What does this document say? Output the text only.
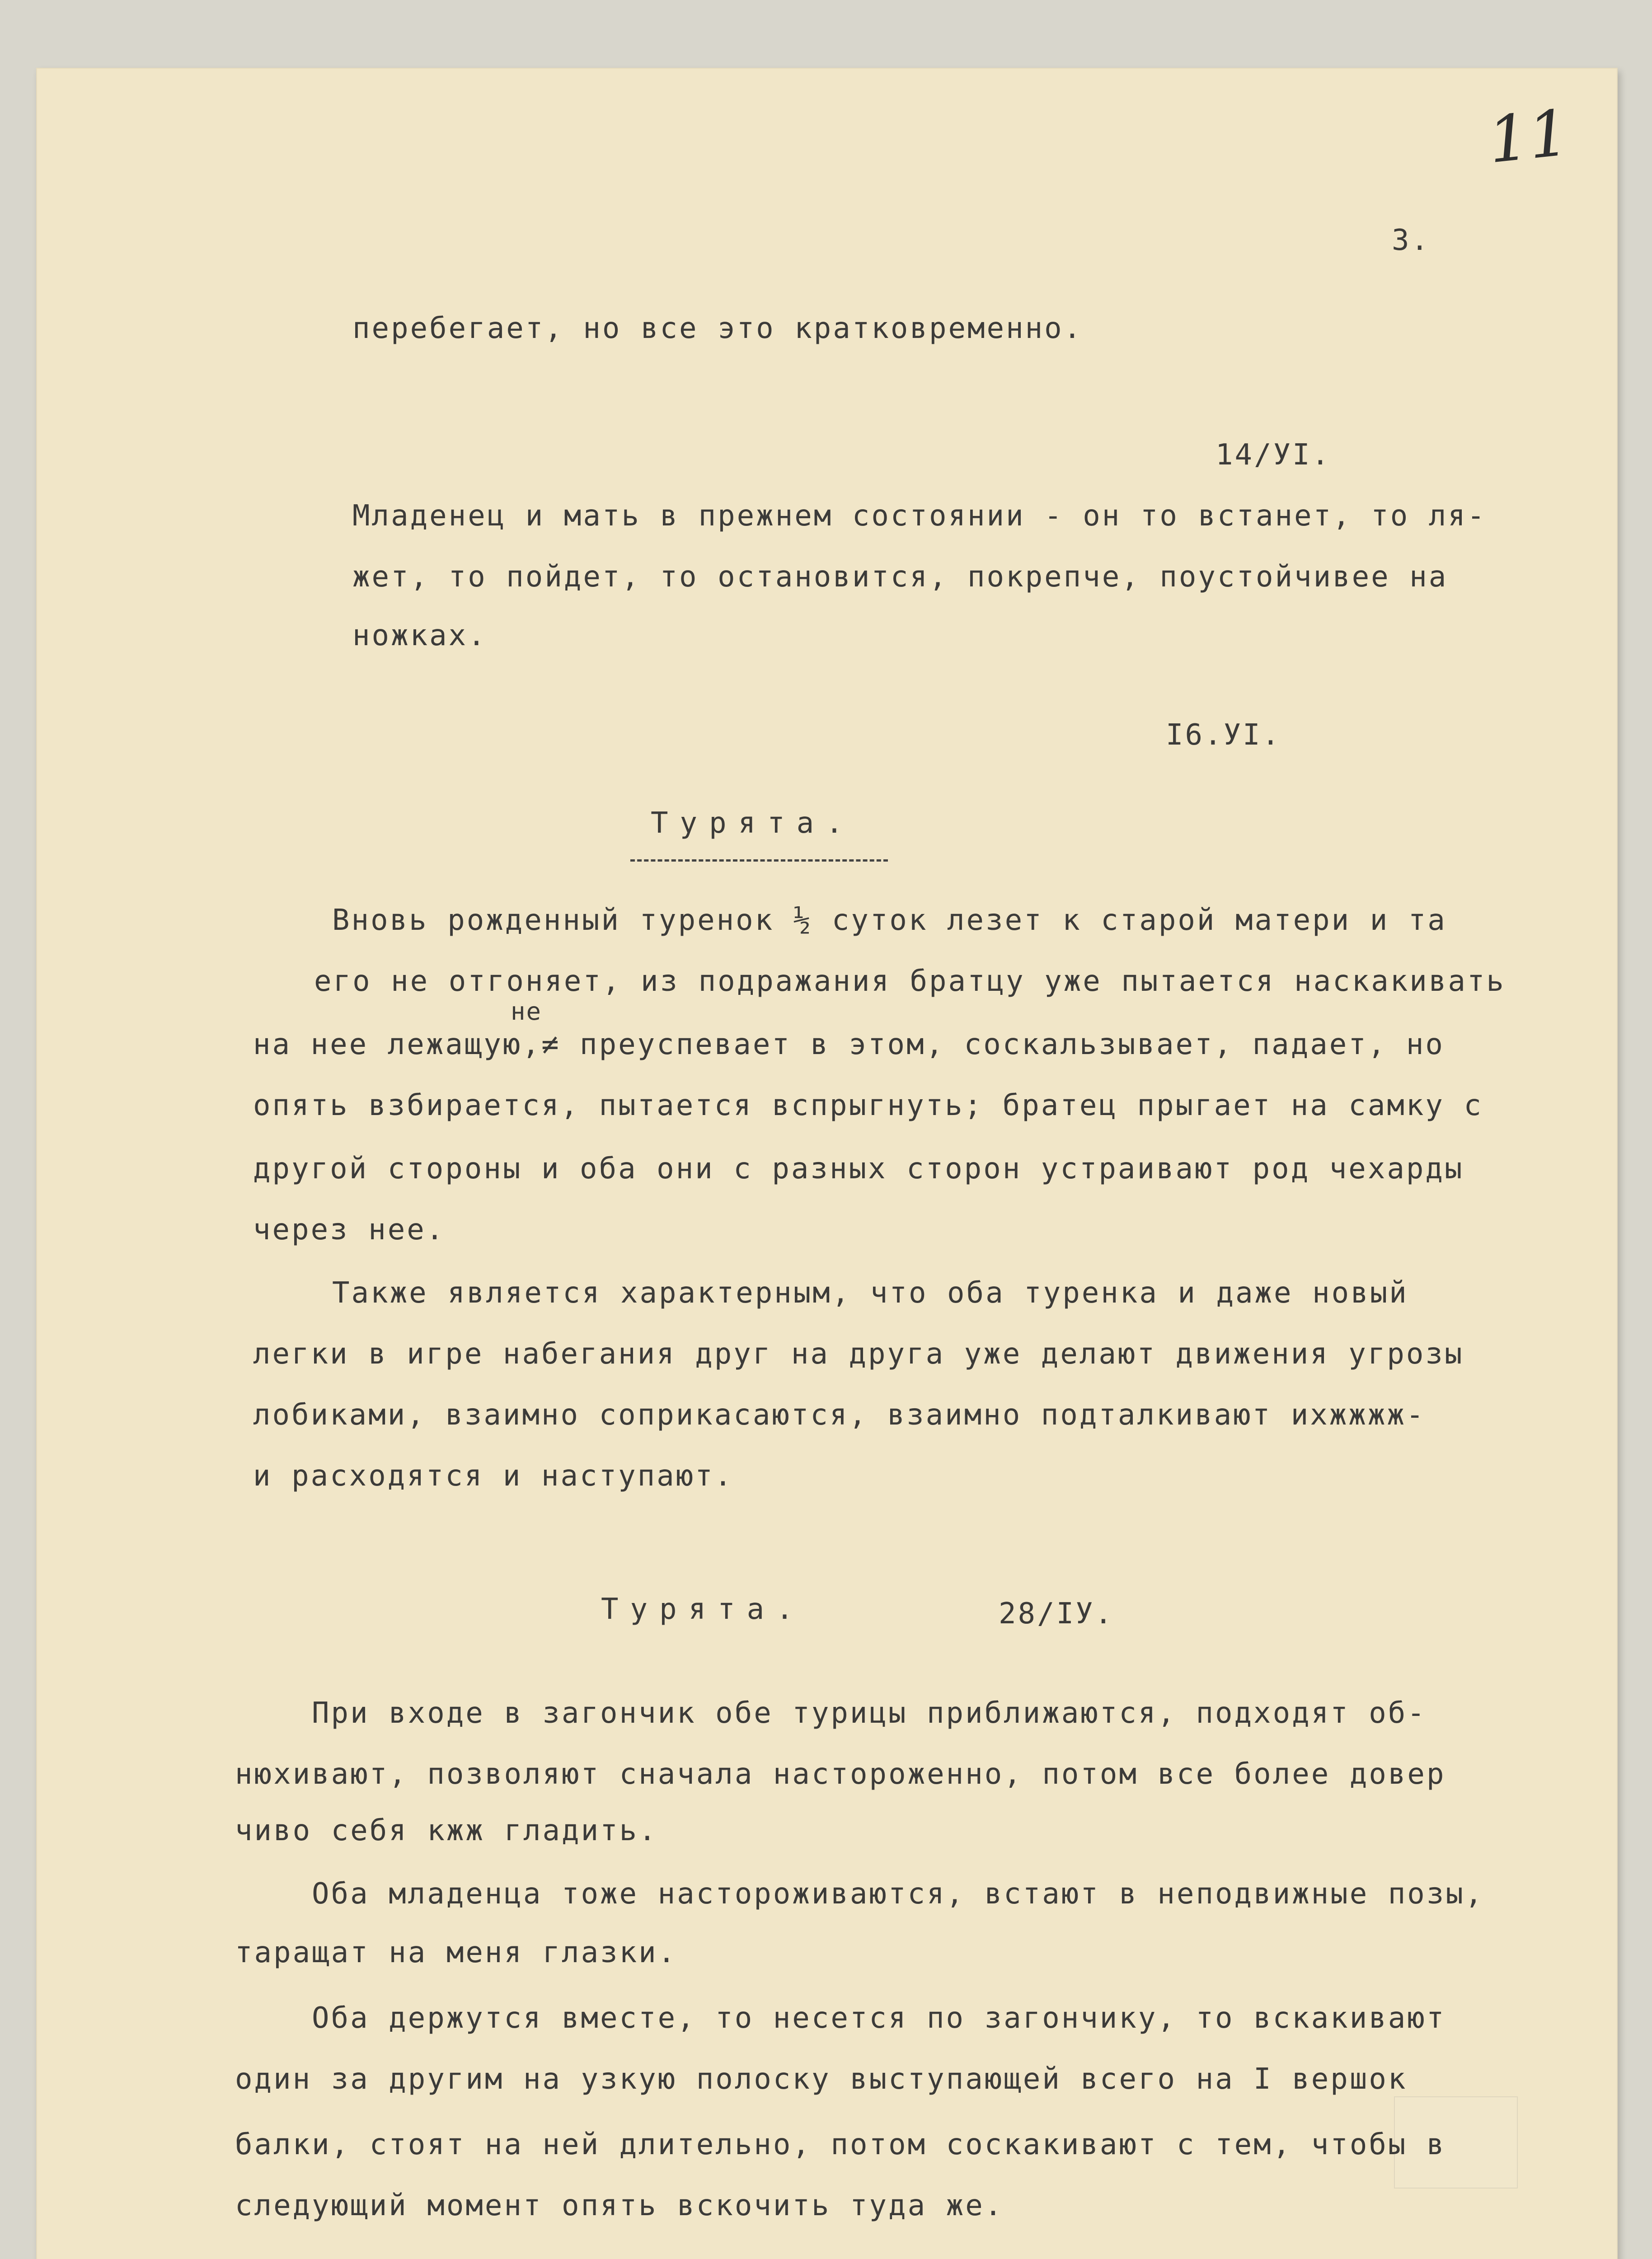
11
3.
перебегает, но все это кратковременно.
14/УI.
Младенец и мать в прежнем состоянии - он то встанет, то ля-
жет, то пойдет, то остановится, покрепче, поустойчивее на
ножках.
I6.УI.
Турята.
Вновь рожденный туренок ½ суток лезет к старой матери и та
его не отгоняет, из подражания братцу уже пытается наскакивать
не
на нее лежащую,≠ преуспевает в этом, соскальзывает, падает, но
опять взбирается, пытается вспрыгнуть; братец прыгает на самку с
другой стороны и оба они с разных сторон устраивают род чехарды
через нее.
Также является характерным, что оба туренка и даже новый
легки в игре набегания друг на друга уже делают движения угрозы
лобиками, взаимно соприкасаются, взаимно подталкивают ихжжжж-
и расходятся и наступают.
Турята.	28/IУ.
При входе в загончик обе турицы приближаются, подходят об-
нюхивают, позволяют сначала настороженно, потом все более довер
чиво себя кжж гладить.
Оба младенца тоже настороживаются, встают в неподвижные позы,
таращат на меня глазки.
Оба держутся вместе, то несется по загончику, то вскакивают
один за другим на узкую полоску выступающей всего на I вершок
балки, стоят на ней длительно, потом соскакивают с тем, чтобы в
следующий момент опять вскочить туда же.
